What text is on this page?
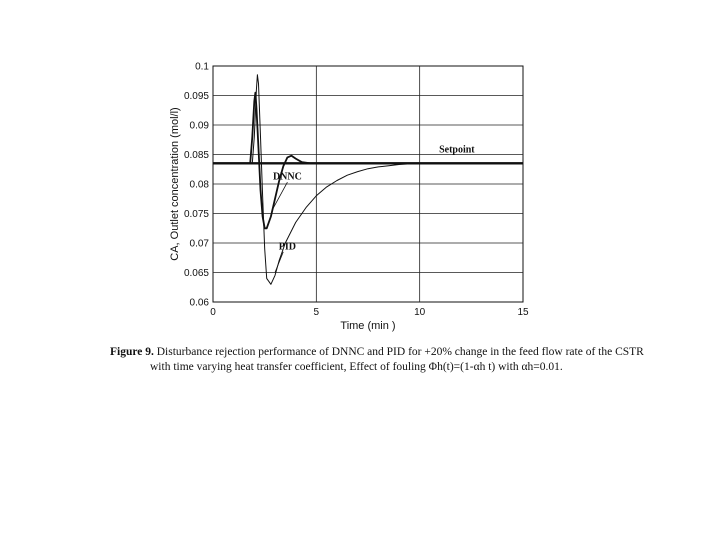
0	5	10	15
0.06
0.065
0.07
0.075
0.08
0.085
0.09
0.095
0.1
Setpoint
DNNC
PID
Time (min )
CA, Outlet concentration (mol/l)
Figure 9. Disturbance rejection performance of DNNC and PID for +20% change in the feed flow rate of the CSTR
with time varying heat transfer coefficient, Effect of fouling Φh(t)=(1-αh t) with αh=0.01.
